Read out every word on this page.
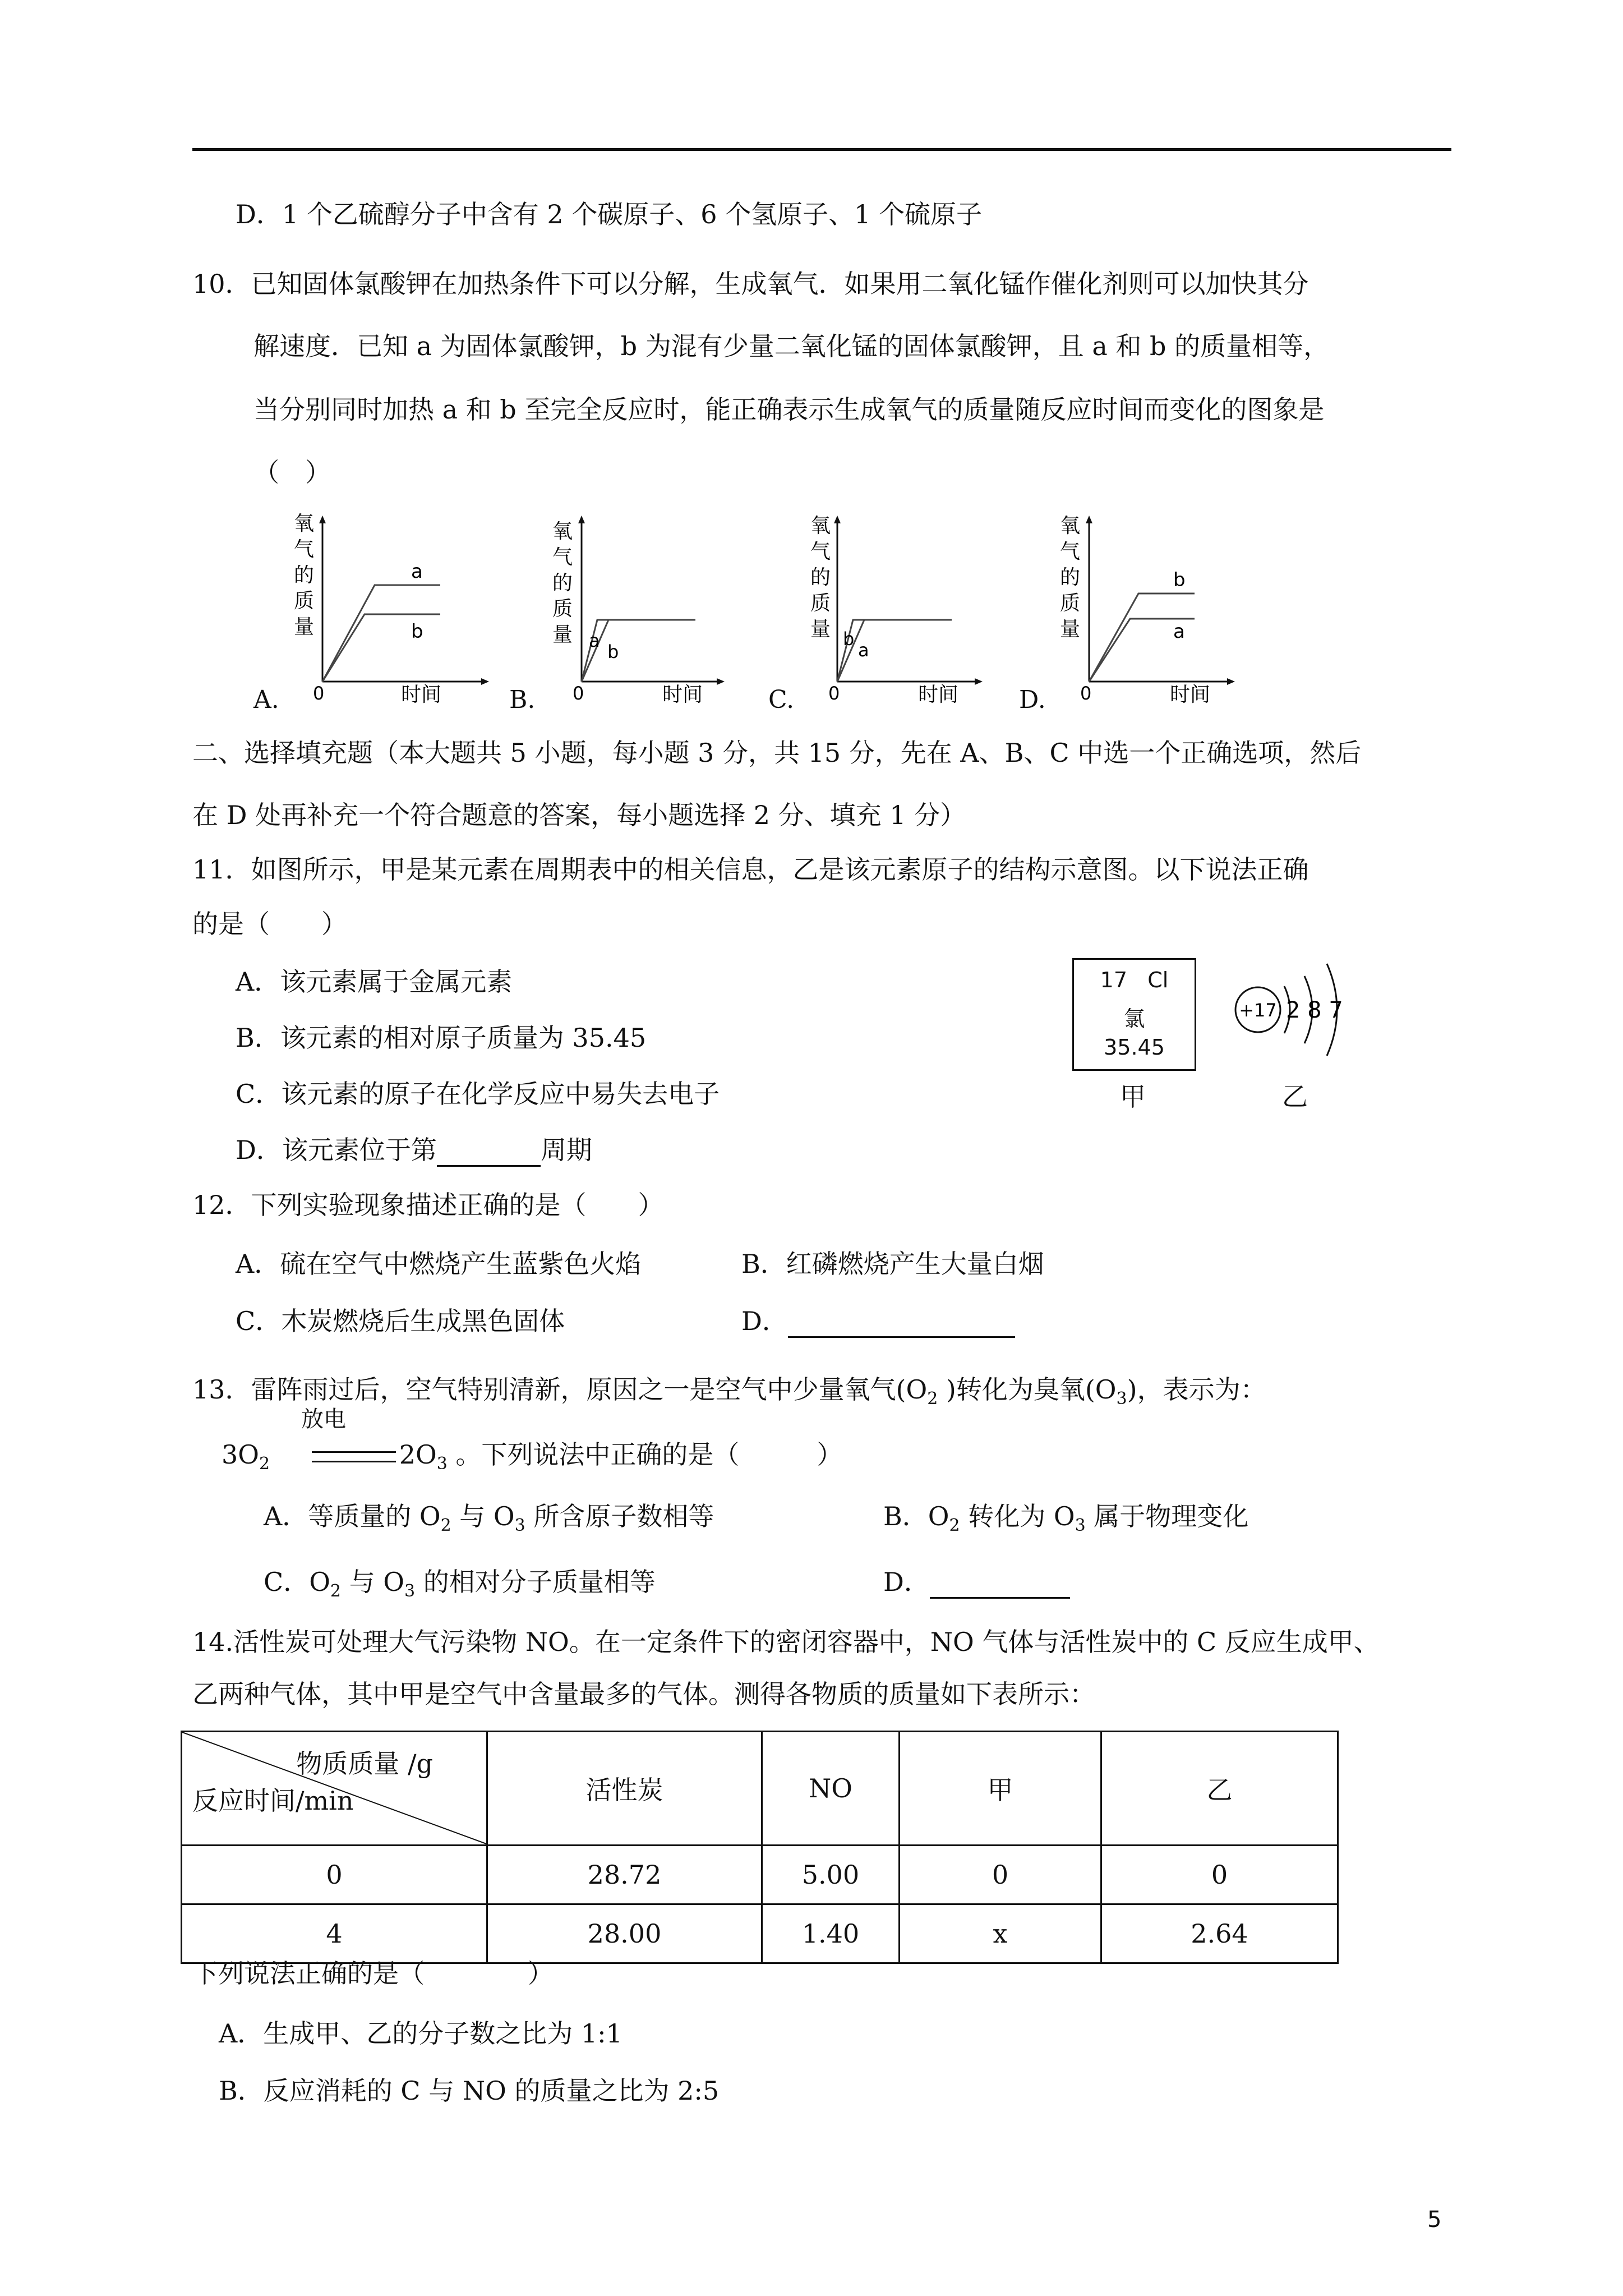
D．1 个乙硫醇分子中含有 2 个碳原子、6 个氢原子、1 个硫原子
10．已知固体氯酸钾在加热条件下可以分解，生成氧气．如果用二氧化锰作催化剂则可以加快其分
解速度．已知 a 为固体氯酸钾，b 为混有少量二氧化锰的固体氯酸钾，且 a 和 b 的质量相等，
当分别同时加热 a 和 b 至完全反应时，能正确表示生成氧气的质量随反应时间而变化的图象是
（　）
A. 0	时间
a
b
氧
气
的
质
量
B. 0	时间
a
b
氧
气
的
质
量
C. 0	时间
b
a
氧
气
的
质
量
D. 0	时间
b
a
氧
气
的
质
量
二、选择填充题（本大题共 5 小题，每小题 3 分，共 15 分，先在 A、B、C 中选一个正确选项，然后
在 D 处再补充一个符合题意的答案，每小题选择 2 分、填充 1 分）
11．如图所示，甲是某元素在周期表中的相关信息，乙是该元素原子的结构示意图。以下说法正确
的是（　　）
A．该元素属于金属元素
B．该元素的相对原子质量为 35.45
C．该元素的原子在化学反应中易失去电子
D．该元素位于第	周期
17 Cl
氯
35.45
甲
+17 2 8 7
乙
12．下列实验现象描述正确的是（　　）
A．硫在空气中燃烧产生蓝紫色火焰	B．红磷燃烧产生大量白烟
C．木炭燃烧后生成黑色固体	D．
13．雷阵雨过后，空气特别清新，原因之一是空气中少量氧气($O_2$ )转化为臭氧$(O_3)$，表示为：
放电
$3O_2$	$2O_3$ 。下列说法中正确的是（　　　）
A．等质量的 $O_2$ 与 $O_3$ 所含原子数相等	B．$O_2$ 转化为 $O_3$ 属于物理变化
C．$O_2$ 与 $O_3$ 的相对分子质量相等	D．
14.活性炭可处理大气污染物 NO。在一定条件下的密闭容器中，NO 气体与活性炭中的 C 反应生成甲、
乙两种气体，其中甲是空气中含量最多的气体。测得各物质的质量如下表所示：
物质质量 /g
反应时间/min	活性炭	NO	甲	乙
0	28.72	5.00	0	0
4	28.00	1.40	x	2.64
下列说法正确的是（　　　　）
A．生成甲、乙的分子数之比为 1:1
B．反应消耗的 C 与 NO 的质量之比为 2:5
5
